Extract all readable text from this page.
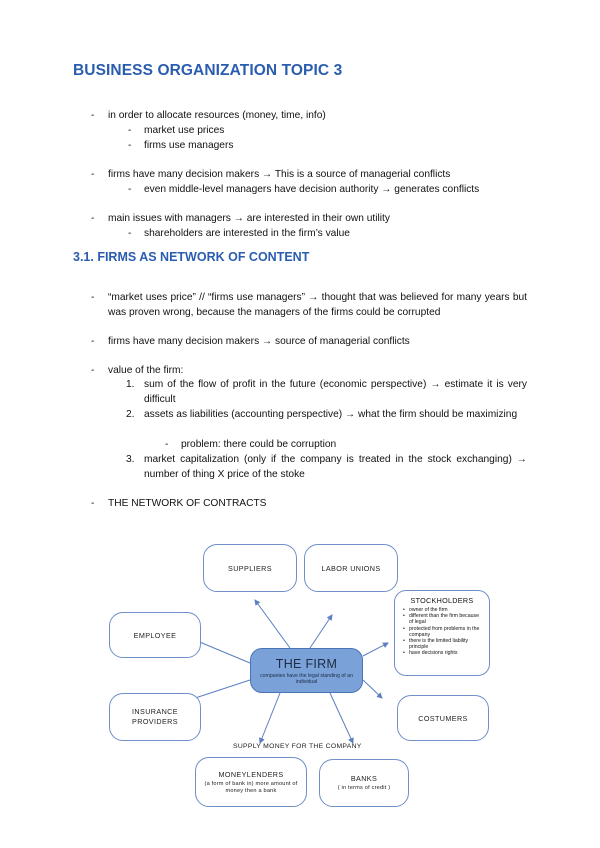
BUSINESS ORGANIZATION TOPIC 3
- in order to allocate resources (money, time, info)
- market use prices
- firms use managers
- firms have many decision makers → This is a source of managerial conflicts
- even middle-level managers have decision authority → generates conflicts
- main issues with managers → are interested in their own utility
- shareholders are interested in the firm’s value
3.1. FIRMS AS NETWORK OF CONTENT
- “market uses price” // “firms use managers” → thought that was believed for many years but was proven wrong, because the managers of the firms could be corrupted
- firms have many decision makers → source of managerial conflicts
- value of the firm:
1. sum of the flow of profit in the future (economic perspective) → estimate it is very difficult
2. assets as liabilities (accounting perspective) → what the firm should be maximizing
- problem: there could be corruption
3. market capitalization (only if the company is treated in the stock exchanging) → number of thing X price of the stoke
- THE NETWORK OF CONTRACTS
SUPPLIERS	LABOR UNIONS
EMPLOYEE
STOCKHOLDERS
• owner of the firm
• different than the firm because of legal
• protected from problems in the company
• there is the limited liability principle
• have decisions rights
THE FIRM
companies have the legal standing of an individual
INSURANCE PROVIDERS	COSTUMERS
SUPPLY MONEY FOR THE COMPANY
MONEYLENDERS
(a form of bank in) more amount of money then a bank
BANKS
( in terms of credit )
